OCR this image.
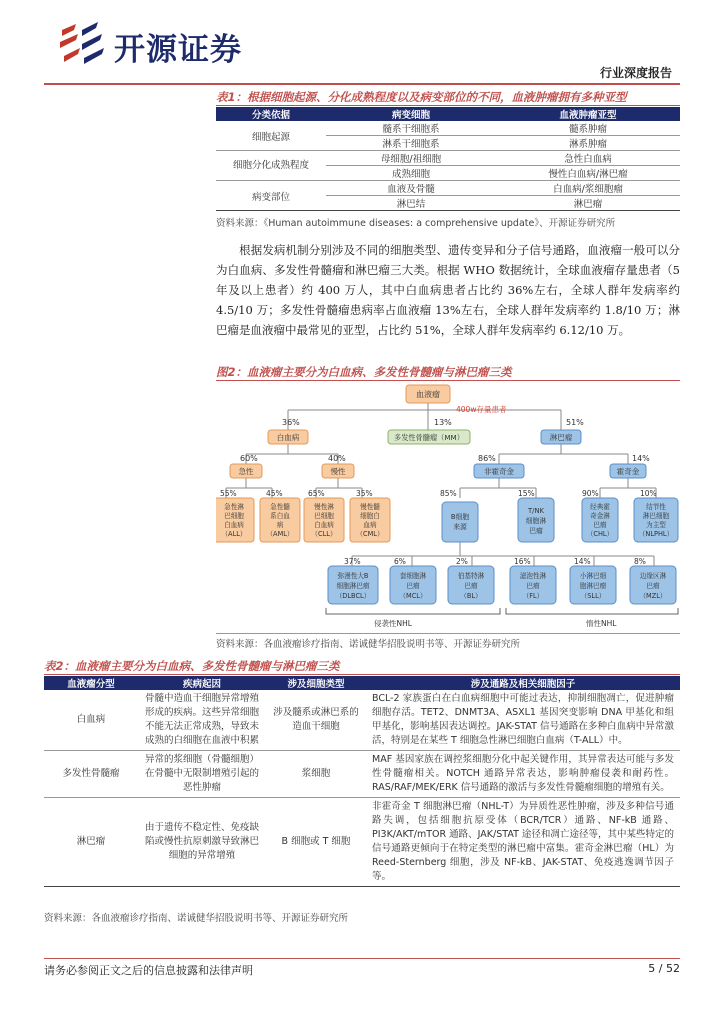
开源证券
行业深度报告
表1：根据细胞起源、分化成熟程度以及病变部位的不同，血液肿瘤拥有多种亚型
分类依据	病变细胞	血液肿瘤亚型
细胞起源	髓系干细胞系	髓系肿瘤
	淋系干细胞系	淋系肿瘤
细胞分化成熟程度	母细胞/祖细胞	急性白血病
	成熟细胞	慢性白血病/淋巴瘤
病变部位	血液及骨髓	白血病/浆细胞瘤
	淋巴结	淋巴瘤
资料来源：《Human autoimmune diseases: a comprehensive update》、开源证券研究所
根据发病机制分别涉及不同的细胞类型、遗传变异和分子信号通路，血液瘤一般可以分为白血病、多发性骨髓瘤和淋巴瘤三大类。根据 WHO 数据统计，全球血液瘤存量患者（5 年及以上患者）约 400 万人，其中白血病患者占比约 36%左右，全球人群年发病率约 4.5/10 万；多发性骨髓瘤患病率占血液瘤 13%左右，全球人群年发病率约 1.8/10 万；淋巴瘤是血液瘤中最常见的亚型，占比约 51%，全球人群年发病率约 6.12/10 万。
图2：血液瘤主要分为白血病、多发性骨髓瘤与淋巴瘤三类
血液瘤
400w存量患者
36%
白血病
13%
多发性骨髓瘤（MM）
51%
淋巴瘤
60%
急性
40%
慢性
55%
急性淋
巴细胞
白血病
（ALL）
45%
急性髓
系白血
病
（AML）
65%
慢性淋
巴细胞
白血病
（CLL）
35%
慢性髓
细胞白
血病
（CML）
86%
非霍奇金
14%
霍奇金
85%
B细胞
来源
15%
T/NK
细胞淋
巴瘤
90%
经典霍
奇金淋
巴瘤
（CHL）
10%
结节性
淋巴细胞
为主型
（NLPHL）
37%
弥漫性大B
细胞淋巴瘤
（DLBCL）
6%
套细胞淋
巴瘤
（MCL）
2%
伯基特淋
巴瘤
（BL）
16%
滤泡性淋
巴瘤
（FL）
14%
小淋巴细
胞淋巴瘤
（SLL）
8%
边缘区淋
巴瘤
（MZL）
侵袭性NHL	惰性NHL
资料来源：各血液瘤诊疗指南、诺诚健华招股说明书等、开源证券研究所
表2：血液瘤主要分为白血病、多发性骨髓瘤与淋巴瘤三类
血液瘤分型	疾病起因	涉及细胞类型	涉及通路及相关细胞因子
白血病	骨髓中造血干细胞异常增殖形成的疾病。这些异常细胞不能无法正常成熟，导致未成熟的白细胞在血液中积累	涉及髓系或淋巴系的造血干细胞	BCL-2 家族蛋白在白血病细胞中可能过表达，抑制细胞凋亡，促进肿瘤细胞存活。TET2、DNMT3A、ASXL1 基因突变影响 DNA 甲基化和组甲基化，影响基因表达调控。JAK-STAT 信号通路在多种白血病中异常激活，特别是在某些 T 细胞急性淋巴细胞白血病（T-ALL）中。
多发性骨髓瘤	异常的浆细胞（骨髓细胞）在骨髓中无限制增殖引起的恶性肿瘤	浆细胞	MAF 基因家族在调控浆细胞分化中起关键作用，其异常表达可能与多发性骨髓瘤相关。NOTCH 通路异常表达，影响肿瘤侵袭和耐药性。RAS/RAF/MEK/ERK 信号通路的激活与多发性骨髓瘤细胞的增殖有关。
淋巴瘤	由于遗传不稳定性、免疫缺陷或慢性抗原刺激导致淋巴细胞的异常增殖	B 细胞或 T 细胞	非霍奇金 T 细胞淋巴瘤（NHL-T）为异质性恶性肿瘤，涉及多种信号通路失调，包括细胞抗原受体（BCR/TCR）通路、NF-kB 通路、PI3K/AKT/mTOR 通路、JAK/STAT 途径和凋亡途径等，其中某些特定的信号通路更倾向于在特定类型的淋巴瘤中富集。霍奇金淋巴瘤（HL）为 Reed-Sternberg 细胞，涉及 NF-kB、JAK-STAT、免疫逃逸调节因子等。
资料来源：各血液瘤诊疗指南、诺诚健华招股说明书等、开源证券研究所
请务必参阅正文之后的信息披露和法律声明	5 / 52
